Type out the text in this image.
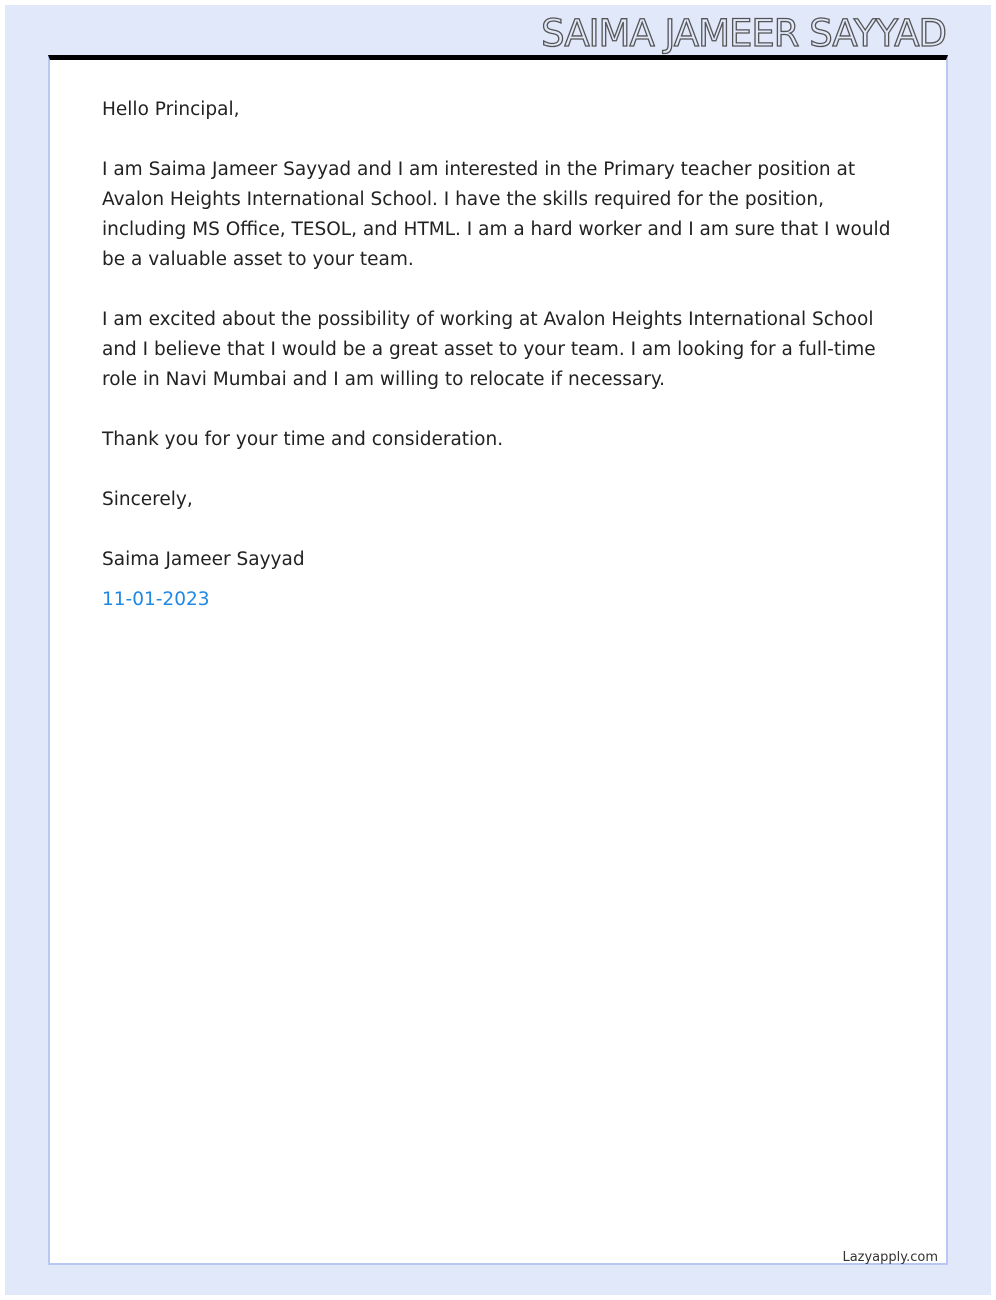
SAIMA JAMEER SAYYAD

Hello Principal,

I am Saima Jameer Sayyad and I am interested in the Primary teacher position at Avalon Heights International School. I have the skills required for the position, including MS Office, TESOL, and HTML. I am a hard worker and I am sure that I would be a valuable asset to your team.

I am excited about the possibility of working at Avalon Heights International School and I believe that I would be a great asset to your team. I am looking for a full-time role in Navi Mumbai and I am willing to relocate if necessary.

Thank you for your time and consideration.

Sincerely,

Saima Jameer Sayyad

11-01-2023

Lazyapply.com
